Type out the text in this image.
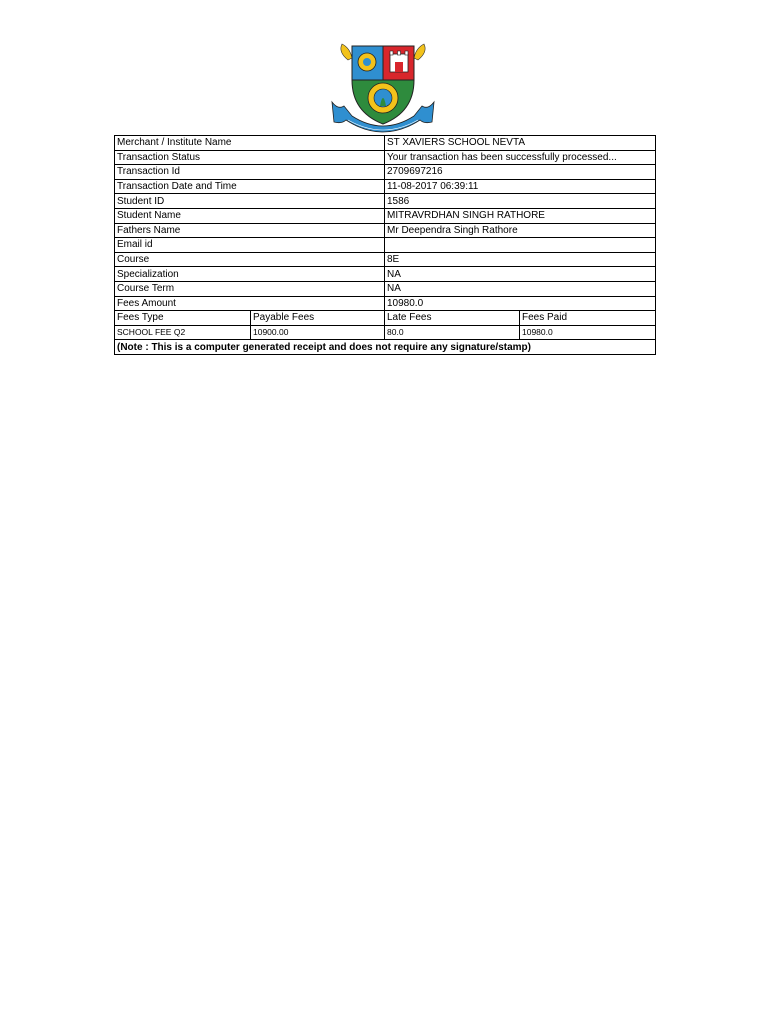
Merchant / Institute Name		ST XAVIERS SCHOOL NEVTA	
Transaction Status		Your transaction has been successfully processed...	
Transaction Id		2709697216	
Transaction Date and Time		11-08-2017 06:39:11	
Student ID		1586	
Student Name		MITRAVRDHAN SINGH RATHORE	
Fathers Name		Mr Deependra Singh Rathore	
Email id			
Course		8E	
Specialization		NA	
Course Term		NA	
Fees Amount		10980.0	
Fees Type	Payable Fees	Late Fees	Fees Paid
SCHOOL FEE Q2	10900.00	80.0	10980.0
(Note : This is a computer generated receipt and does not require any signature/stamp)			
